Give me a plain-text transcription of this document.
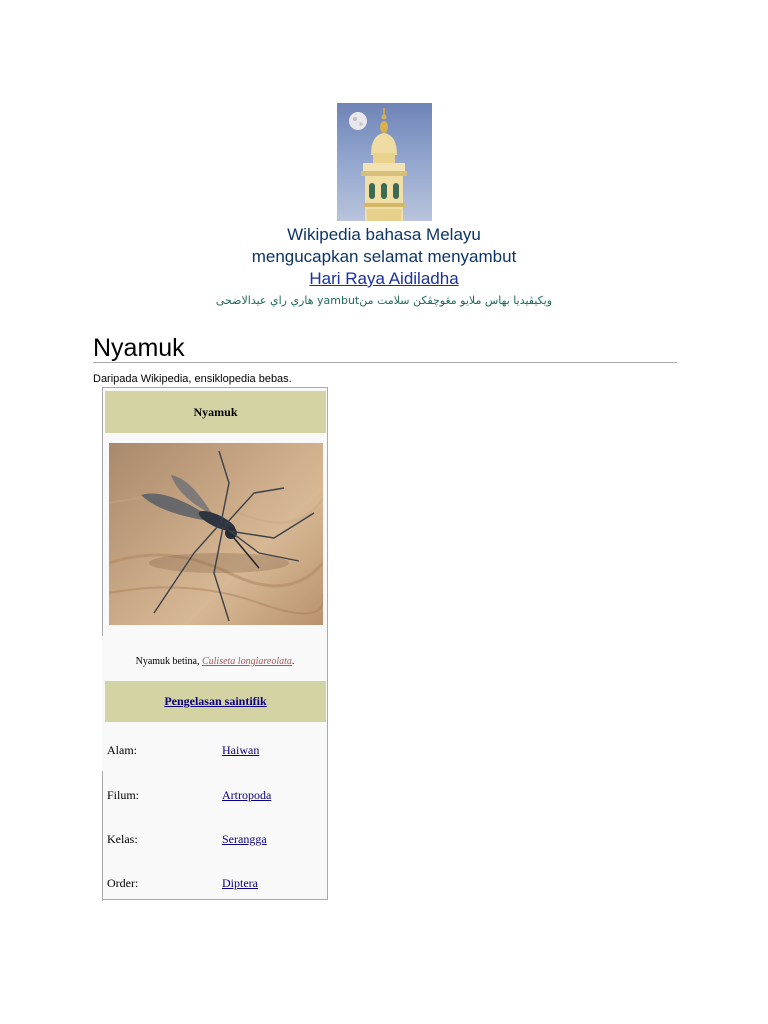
Wikipedia bahasa Melayu
mengucapkan selamat menyambut
Hari Raya Aidiladha
ويکيڤيديا بهاس ملايو مڠوچڤکن سلامت منyambut هاري راي عيدالاضحى
Nyamuk
Daripada Wikipedia, ensiklopedia bebas.
Nyamuk
Nyamuk betina, Culiseta longiareolata.
Pengelasan saintifik
Alam:	Haiwan
Filum:	Artropoda
Kelas:	Serangga
Order:	Diptera
